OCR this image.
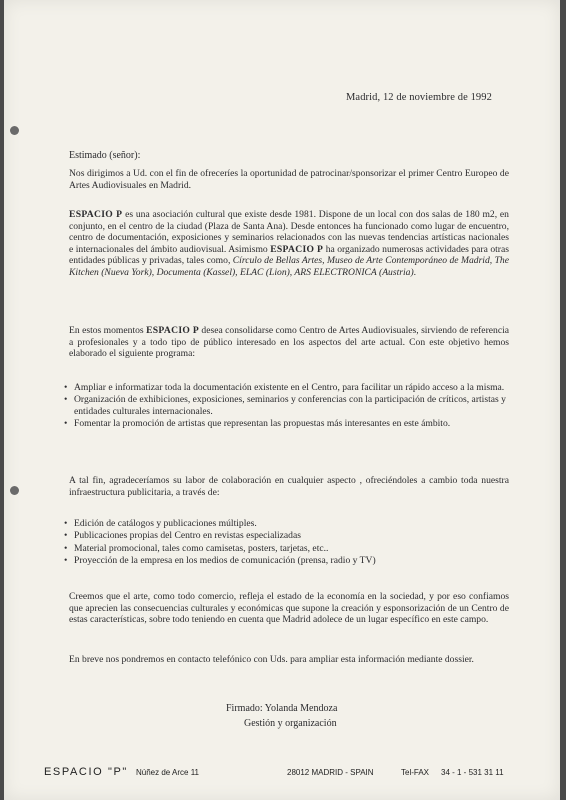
Madrid, 12 de noviembre de 1992
Estimado (señor):

Nos dirigimos a Ud. con el fin de ofreceríes la oportunidad de patrocinar/sponsorizar el primer Centro Europeo de Artes Audiovisuales en Madrid.

ESPACIO P es una asociación cultural que existe desde 1981. Dispone de un local con dos salas de 180 m2, en conjunto, en el centro de la ciudad (Plaza de Santa Ana). Desde entonces ha funcionado como lugar de encuentro, centro de documentación, exposiciones y seminarios relacionados con las nuevas tendencias artísticas nacionales e internacionales del ámbito audiovisual. Asimismo ESPACIO P ha organizado numerosas actividades para otras entidades públicas y privadas, tales como, Círculo de Bellas Artes, Museo de Arte Contemporáneo de Madrid, The Kitchen (Nueva York), Documenta (Kassel), ELAC (Lion), ARS ELECTRONICA (Austria).

En estos momentos ESPACIO P desea consolidarse como Centro de Artes Audiovisuales, sirviendo de referencia a profesionales y a todo tipo de público interesado en los aspectos del arte actual. Con este objetivo hemos elaborado el siguiente programa:

• Ampliar e informatizar toda la documentación existente en el Centro, para facilitar un rápido acceso a la misma.
• Organización de exhibiciones, exposiciones, seminarios y conferencias con la participación de críticos, artistas y entidades culturales internacionales.
• Fomentar la promoción de artistas que representan las propuestas más interesantes en este ámbito.

A tal fin, agradeceríamos su labor de colaboración en cualquier aspecto , ofreciéndoles a cambio toda nuestra infraestructura publicitaria, a través de:

• Edición de catálogos y publicaciones múltiples.
• Publicaciones propias del Centro en revistas especializadas
• Material promocional, tales como camisetas, posters, tarjetas, etc..
• Proyección de la empresa en los medios de comunicación (prensa, radio y TV)

Creemos que el arte, como todo comercio, refleja el estado de la economía en la sociedad, y por eso confiamos que aprecien las consecuencias culturales y económicas que supone la creación y esponsorización de un Centro de estas características, sobre todo teniendo en cuenta que Madrid adolece de un lugar específico en este campo.

En breve nos pondremos en contacto telefónico con Uds. para ampliar esta información mediante dossier.

Firmado: Yolanda Mendoza
Gestión y organización
ESPACIO "P" Núñez de Arce 11	28012 MADRID - SPAIN	Tel-FAX 34 - 1 - 531 31 11
